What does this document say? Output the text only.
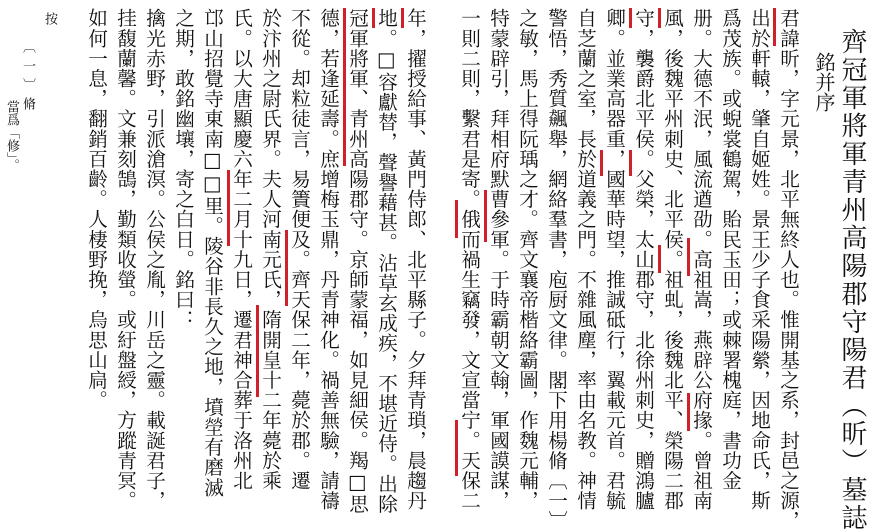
齊冠軍將軍青州高陽郡守陽君（昕）墓誌
銘并序
君諱昕，字元景，北平無終人也。惟開基之系，封邑之源，
出於軒轅，肇自姬姓。景王少子食采陽縈，因地命氏，斯
爲茂族。或蜺裳鶴駕，貽民玉田；或棘署槐庭，書功金
册。大德不泯，風流遒劭。高祖嵩，燕辟公府掾。曾祖南
風，後魏平州刺史、北平侯。祖虬，後魏北平、榮陽二郡
守，襲爵北平侯。父榮，太山郡守，北徐州刺史，贈鴻臚
卿。並業高器重，國華時望，推誠砥行，翼載元首。君毓
自芝蘭之室，長於道義之門。不雜風塵，率由名教。神情
警悟，秀質飆舉，網絡羣書，庖厨文律。閣下用楊脩〔一〕
之敏，馬上得阮瑀之才。齊文襄帝楷絡霸圖，作魏元輔，
特蒙辟引，拜相府默曹參軍。于時霸朝文翰，軍國謨謀，
一則二則，繫君是寄。俄而禍生竊發，文宣當宁。天保二
年，擢授給事、黃門侍郎、北平縣子。夕拜青瑣，晨趨丹
地。□容獻替，聲譽藉甚。沾草玄成疾，不堪近侍。出除
冠軍將軍、青州高陽郡守。京師蒙福，如見細侯。羯□思
德，若逢延壽。庶增梅玉鼎，丹青神化。禍善無驗，請禱
不從。却粒徒言，易簀便及。齊天保二年，薨於郡。遷
於汴州之尉氏界。夫人河南元氏，隋開皇十二年薨於乘
氏。以大唐顯慶六年二月十九日，遷君神合葬于洛州北
邙山招覺寺東南□□里。陵谷非長久之地，墳塋有磨滅
之期，敢銘幽壤，寄之白日。銘曰：
擒光赤野，引派滄溟。公侯之胤，川岳之靈。載誕君子，
挂馥蘭馨。文兼刻鵠，勤類收螢。或紆盤綬，方蹤青冥。
如何一息，翻銷百齡。人棲野挽，烏思山扃。
按
〔一〕脩
當爲「修」。
